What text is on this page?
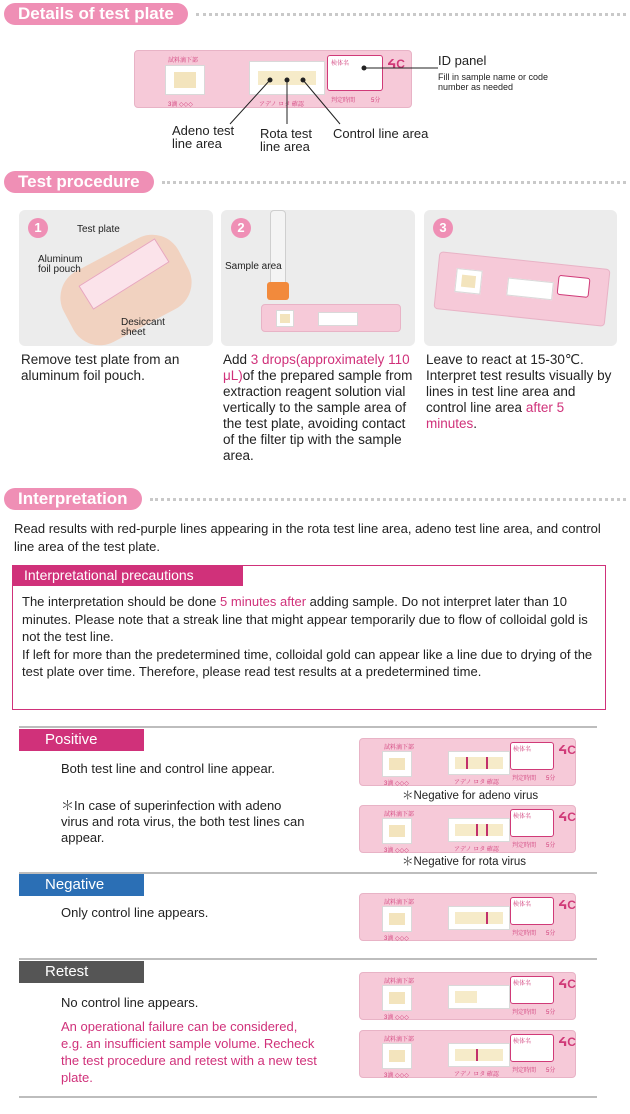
Details of test plate
試料滴下部
3滴 ◇◇◇	アデノ ロタ 確認
検体名
判定時間	5分
ᔦC	ID panel
Fill in sample name or code number as needed
Adeno test line area
Rota test line area
Control line area
Test procedure
1	Test plate
Aluminum foil pouch
Desiccant sheet
2
Sample area
3
Remove test plate from an aluminum foil pouch.
Add 3 drops(approximately 110 μL)of the prepared sample from extraction reagent solution vial vertically to the sample area of the test plate, avoiding contact of the filter tip with the sample area.
Leave to react at 15-30℃. Interpret test results visually by lines in test line area and control line area after 5 minutes.
Interpretation
Read results with red-purple lines appearing in the rota test line area, adeno test line area, and control line area of the test plate.
Interpretational precautions
The interpretation should be done 5 minutes after adding sample. Do not interpret later than 10 minutes. Please note that a streak line that might appear temporarily due to flow of colloidal gold is not the test line.
If left for more than the predetermined time, colloidal gold can appear like a line due to drying of the test plate over time. Therefore, please read test results at a predetermined time.
Positive
Both test line and control line appear.
＊In case of superinfection with adeno virus and rota virus, the both test lines can appear.
試料滴下部
3滴 ◇◇◇	アデノ ロタ 確認
検体名
判定時間 5分
ᔦC
＊Negative for adeno virus
試料滴下部
3滴 ◇◇◇	アデノ ロタ 確認
検体名
判定時間 5分
ᔦC
＊Negative for rota virus
Negative
Only control line appears.
試料滴下部
3滴 ◇◇◇
検体名
判定時間 5分
ᔦC
Retest
No control line appears.
An operational failure can be considered, e.g. an insufficient sample volume. Recheck the test procedure and retest with a new test plate.
試料滴下部
3滴 ◇◇◇
検体名
判定時間 5分
ᔦC
試料滴下部
3滴 ◇◇◇	アデノ ロタ 確認
検体名
判定時間 5分
ᔦC
